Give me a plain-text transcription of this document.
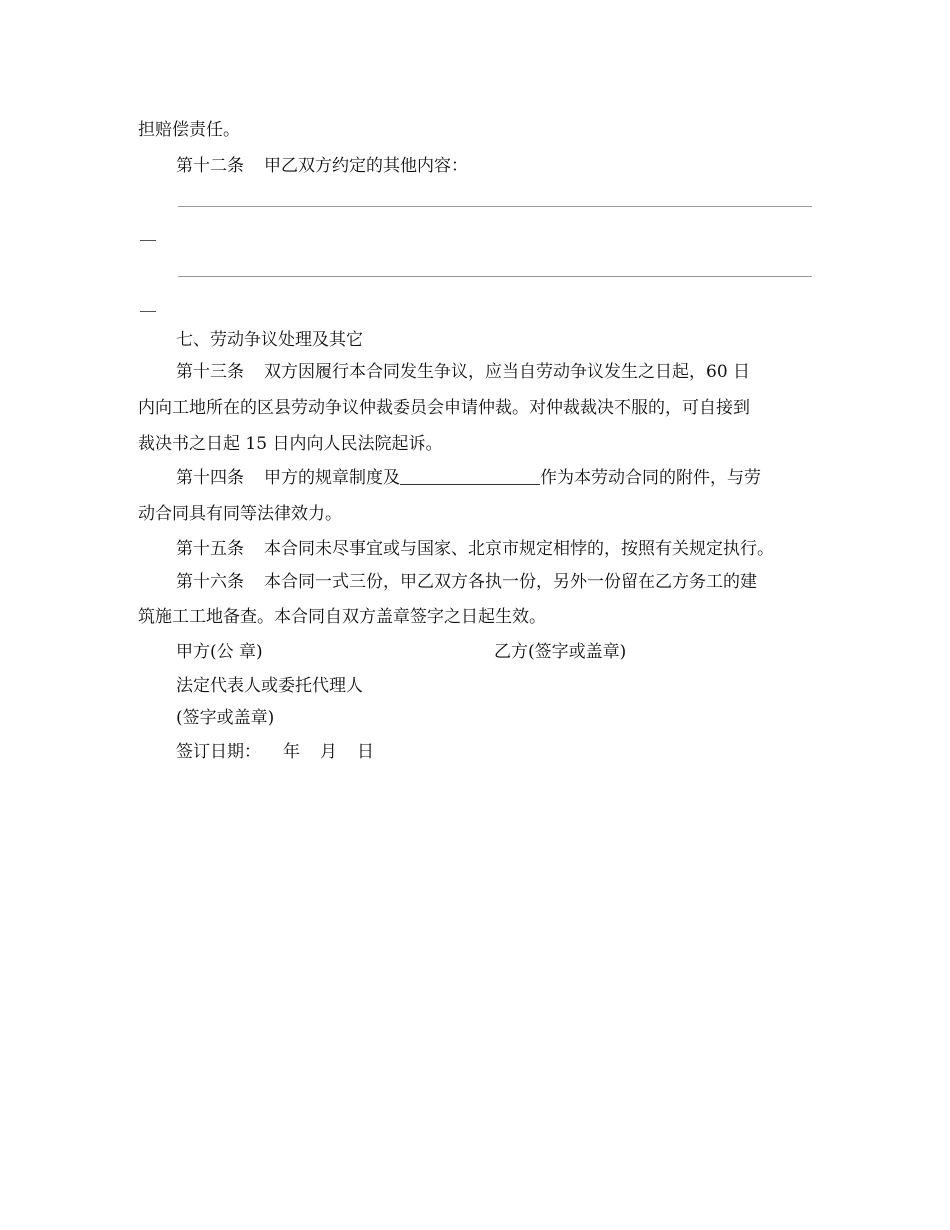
担赔偿责任。
第十二条 甲乙双方约定的其他内容：
七、劳动争议处理及其它
第十三条 双方因履行本合同发生争议，应当自劳动争议发生之日起，60 日
内向工地所在的区县劳动争议仲裁委员会申请仲裁。对仲裁裁决不服的，可自接到
裁决书之日起 15 日内向人民法院起诉。
第十四条 甲方的规章制度及	作为本劳动合同的附件，与劳
动合同具有同等法律效力。
第十五条 本合同未尽事宜或与国家、北京市规定相悖的，按照有关规定执行。
第十六条 本合同一式三份，甲乙双方各执一份，另外一份留在乙方务工的建
筑施工工地备查。本合同自双方盖章签字之日起生效。
甲方(公 章)	乙方(签字或盖章)
法定代表人或委托代理人
(签字或盖章)
签订日期： 年 月 日
